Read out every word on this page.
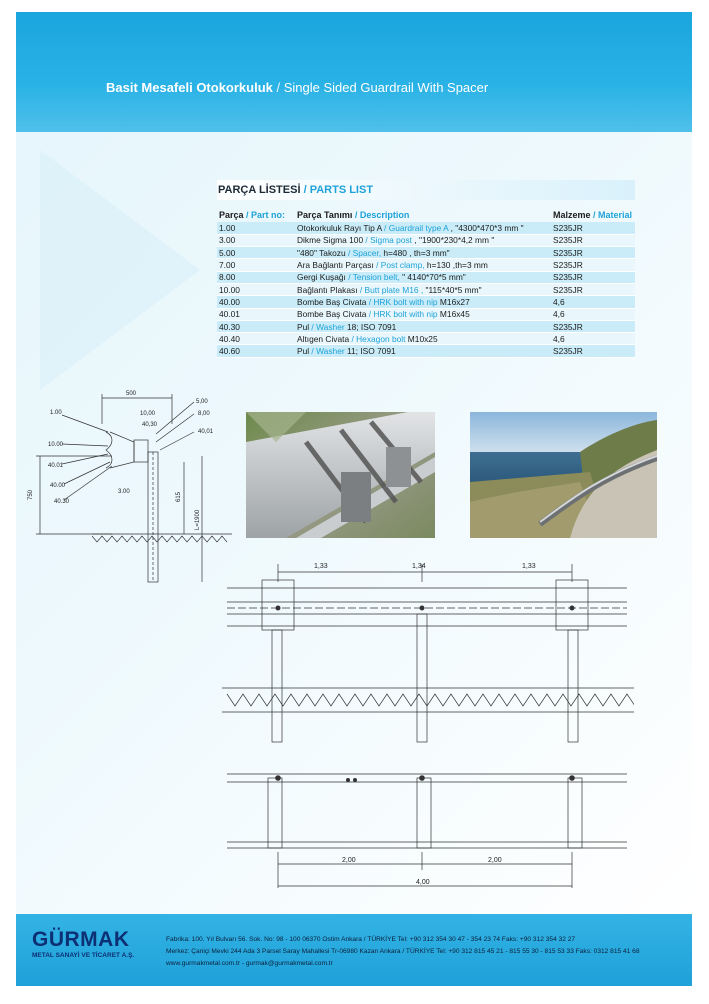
Basit Mesafeli Otokorkuluk / Single Sided Guardrail With Spacer
PARÇA LİSTESİ / PARTS LIST
Parça / Part no:	Parça Tanımı / Description	Malzeme / Material
1.00	Otokorkuluk Rayı Tip A / Guardrail type A , "4300*470*3 mm "	S235JR
3.00	Dikme Sigma 100 / Sigma post , "1900*230*4,2 mm "	S235JR
5.00	"480" Takozu / Spacer, h=480 , th=3 mm"	S235JR
7.00	Ara Bağlantı Parçası / Post clamp, h=130 ,th=3 mm	S235JR
8.00	Gergi Kuşağı / Tension belt, " 4140*70*5 mm"	S235JR
10.00	Bağlantı Plakası / Butt plate M16 , "115*40*5 mm"	S235JR
40.00	Bombe Baş Civata / HRK bolt with nip M16x27	4,6
40.01	Bombe Baş Civata / HRK bolt with nip M16x45	4,6
40.30	Pul / Washer 18; ISO 7091	S235JR
40.40	Altıgen Civata / Hexagon bolt M10x25	4,6
40.60	Pul / Washer 11; ISO 7091	S235JR
500
1.00
10.00
40.01
40.00
40.30
10,00
40,30
3.00
5,00
8,00
40,01
750	615
L=1900
1,33	1,34	1,33
2,00	2,00
4,00
GÜRMAK
METAL SANAYİ VE TİCARET A.Ş.
Fabrika: 100. Yıl Bulvarı 56. Sok. No: 98 - 100 06370 Ostim Ankara / TÜRKİYE Tel: +90 312 354 30 47 - 354 23 74 Faks: +90 312 354 32 27
Merkez: Çaniçi Mevki 244 Ada 3 Parsel Saray Mahallesi Tr-06980 Kazan Ankara / TÜRKİYE Tel: +90 312 815 45 21 - 815 55 30 - 815 53 33 Faks: 0312 815 41 68
www.gurmakmetal.com.tr - gurmak@gurmakmetal.com.tr
